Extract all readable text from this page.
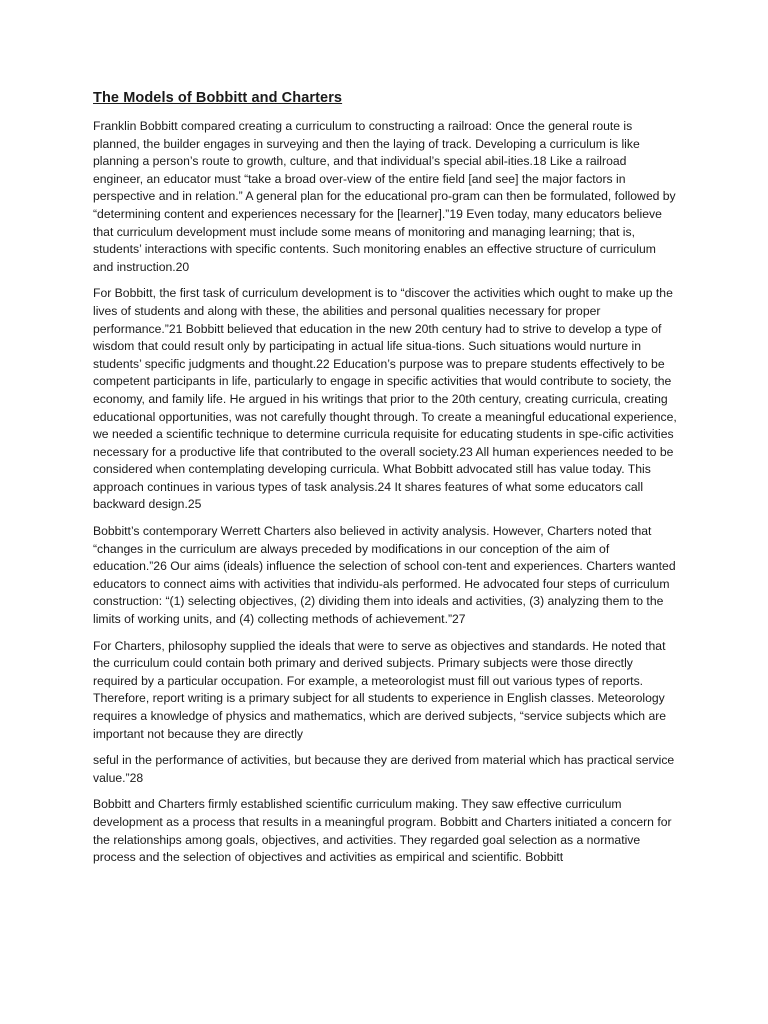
The Models of Bobbitt and Charters

Franklin Bobbitt compared creating a curriculum to constructing a railroad: Once the general route is planned, the builder engages in surveying and then the laying of track. Developing a curriculum is like planning a person’s route to growth, culture, and that individual’s special abil-ities.18 Like a railroad engineer, an educator must “take a broad over-view of the entire field [and see] the major factors in perspective and in relation.” A general plan for the educational pro-gram can then be formulated, followed by “determining content and experiences necessary for the [learner].”19 Even today, many educators believe that curriculum development must include some means of monitoring and managing learning; that is, students’ interactions with specific contents. Such monitoring enables an effective structure of curriculum and instruction.20

For Bobbitt, the first task of curriculum development is to “discover the activities which ought to make up the lives of students and along with these, the abilities and personal qualities necessary for proper performance.”21 Bobbitt believed that education in the new 20th century had to strive to develop a type of wisdom that could result only by participating in actual life situa-tions. Such situations would nurture in students’ specific judgments and thought.22 Education’s purpose was to prepare students effectively to be competent participants in life, particularly to engage in specific activities that would contribute to society, the economy, and family life. He argued in his writings that prior to the 20th century, creating curricula, creating educational opportunities, was not carefully thought through. To create a meaningful educational experience, we needed a scientific technique to determine curricula requisite for educating students in spe-cific activities necessary for a productive life that contributed to the overall society.23 All human experiences needed to be considered when contemplating developing curricula. What Bobbitt advocated still has value today. This approach continues in various types of task analysis.24 It shares features of what some educators call backward design.25

Bobbitt’s contemporary Werrett Charters also believed in activity analysis. However, Charters noted that “changes in the curriculum are always preceded by modifications in our conception of the aim of education.”26 Our aims (ideals) influence the selection of school con-tent and experiences. Charters wanted educators to connect aims with activities that individu-als performed. He advocated four steps of curriculum construction: “(1) selecting objectives, (2) dividing them into ideals and activities, (3) analyzing them to the limits of working units, and (4) collecting methods of achievement.”27

For Charters, philosophy supplied the ideals that were to serve as objectives and standards. He noted that the curriculum could contain both primary and derived subjects. Primary subjects were those directly required by a particular occupation. For example, a meteorologist must fill out various types of reports. Therefore, report writing is a primary subject for all students to experience in English classes. Meteorology requires a knowledge of physics and mathematics, which are derived subjects, “service subjects which are important not because they are directly

seful in the performance of activities, but because they are derived from material which has practical service value.”28

Bobbitt and Charters firmly established scientific curriculum making. They saw effective curriculum development as a process that results in a meaningful program. Bobbitt and Charters initiated a concern for the relationships among goals, objectives, and activities. They regarded goal selection as a normative process and the selection of objectives and activities as empirical and scientific. Bobbitt
